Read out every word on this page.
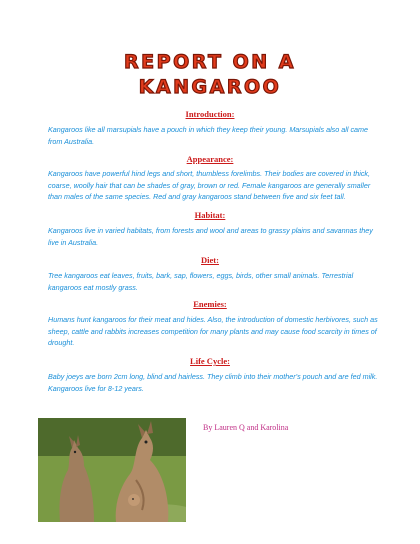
REPORT ON A
KANGAROO
Introduction:
Kangaroos like all marsupials have a pouch in which they keep their young. Marsupials also all came from Australia.
Appearance:
Kangaroos have powerful hind legs and short, thumbless forelimbs. Their bodies are covered in thick, coarse, woolly hair that can be shades of gray, brown or red. Female kangaroos are generally smaller than males of the same species. Red and gray kangaroos stand between five and six feet tall.
Habitat:
Kangaroos live in varied habitats, from forests and wool and areas to grassy plains and savannas they live in Australia.
Diet:
Tree kangaroos eat leaves, fruits, bark, sap, flowers, eggs, birds, other small animals. Terrestrial kangaroos eat mostly grass.
Enemies:
Humans hunt kangaroos for their meat and hides. Also, the introduction of domestic herbivores, such as sheep, cattle and rabbits increases competition for many plants and may cause food scarcity in times of drought.
Life Cycle:
Baby joeys are born 2cm long, blind and hairless. They climb into their mother's pouch and are fed milk. Kangaroos live for 8-12 years.
By Lauren Q and Karolina
